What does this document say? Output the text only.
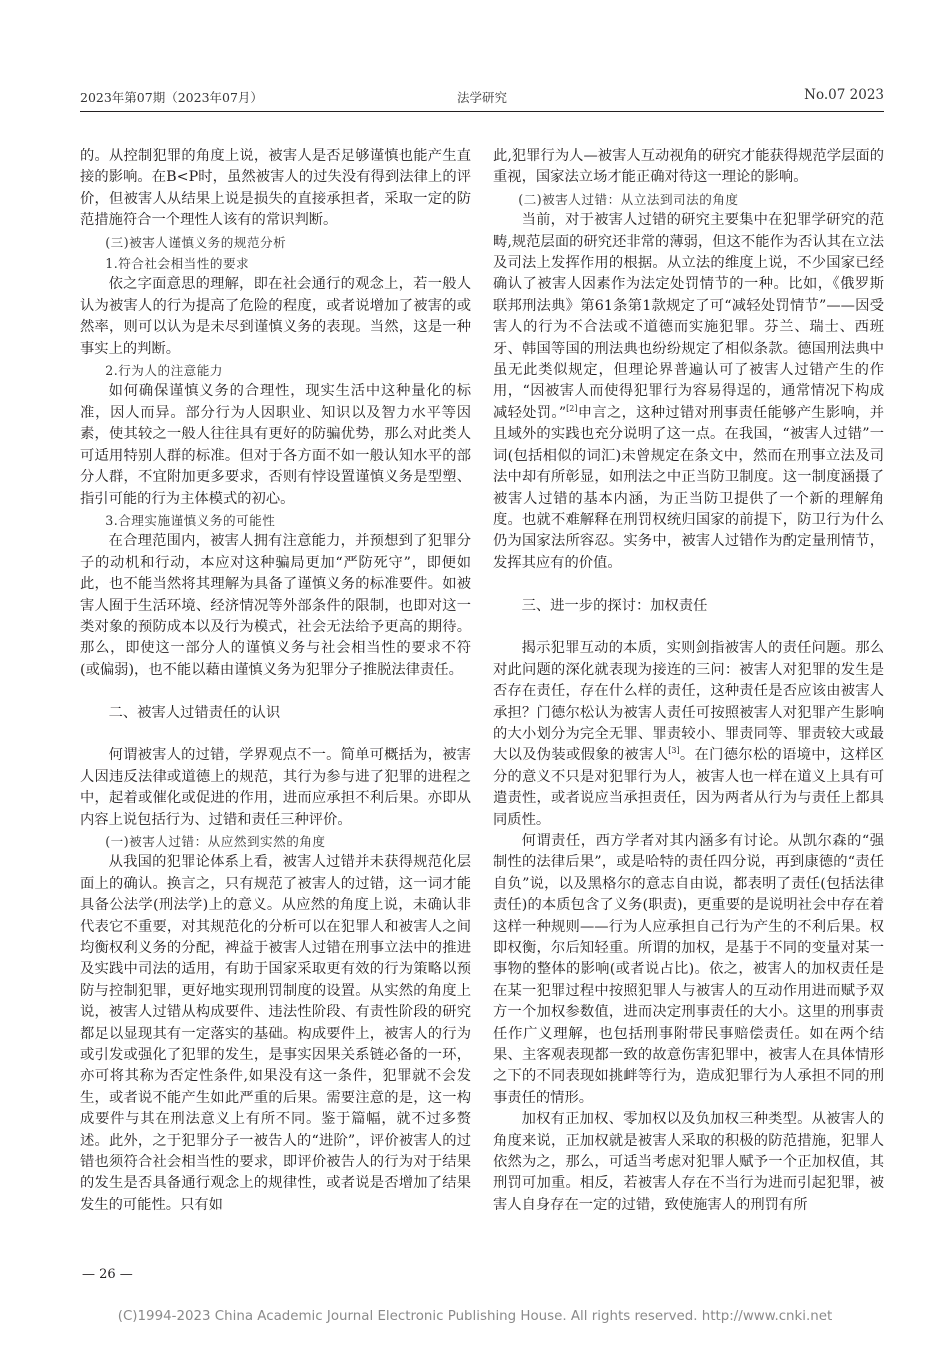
2023年第07期（2023年07月）	法学研究	No.07 2023

的。从控制犯罪的角度上说，被害人是否足够谨慎也能产生直接的影响。在B<P时，虽然被害人的过失没有得到法律上的评价，但被害人从结果上说是损失的直接承担者，采取一定的防范措施符合一个理性人该有的常识判断。

(三)被害人谨慎义务的规范分析

1.符合社会相当性的要求

依之字面意思的理解，即在社会通行的观念上，若一般人认为被害人的行为提高了危险的程度，或者说增加了被害的或然率，则可以认为是未尽到谨慎义务的表现。当然，这是一种事实上的判断。

2.行为人的注意能力

如何确保谨慎义务的合理性，现实生活中这种量化的标准，因人而异。部分行为人因职业、知识以及智力水平等因素，使其较之一般人往往具有更好的防骗优势，那么对此类人可适用特别人群的标准。但对于各方面不如一般认知水平的部分人群，不宜附加更多要求，否则有悖设置谨慎义务是型塑、指引可能的行为主体模式的初心。

3.合理实施谨慎义务的可能性

在合理范围内，被害人拥有注意能力，并预想到了犯罪分子的动机和行动，本应对这种骗局更加“严防死守”，即便如此，也不能当然将其理解为具备了谨慎义务的标准要件。如被害人囿于生活环境、经济情况等外部条件的限制，也即对这一类对象的预防成本以及行为模式，社会无法给予更高的期待。那么，即使这一部分人的谨慎义务与社会相当性的要求不符(或偏弱)，也不能以藉由谨慎义务为犯罪分子推脱法律责任。

二、被害人过错责任的认识

何谓被害人的过错，学界观点不一。简单可概括为，被害人因违反法律或道德上的规范，其行为参与进了犯罪的进程之中，起着或催化或促进的作用，进而应承担不利后果。亦即从内容上说包括行为、过错和责任三种评价。

(一)被害人过错：从应然到实然的角度

从我国的犯罪论体系上看，被害人过错并未获得规范化层面上的确认。换言之，只有规范了被害人的过错，这一词才能具备公法学(刑法学)上的意义。从应然的角度上说，未确认非代表它不重要，对其规范化的分析可以在犯罪人和被害人之间均衡权利义务的分配，裨益于被害人过错在刑事立法中的推进及实践中司法的适用，有助于国家采取更有效的行为策略以预防与控制犯罪，更好地实现刑罚制度的设置。从实然的角度上说，被害人过错从构成要件、违法性阶段、有责性阶段的研究都足以显现其有一定落实的基础。构成要件上，被害人的行为或引发或强化了犯罪的发生，是事实因果关系链必备的一环，亦可将其称为否定性条件,如果没有这一条件，犯罪就不会发生，或者说不能产生如此严重的后果。需要注意的是，这一构成要件与其在刑法意义上有所不同。鉴于篇幅，就不过多赘述。此外，之于犯罪分子一被告人的“进阶”，评价被害人的过错也须符合社会相当性的要求，即评价被告人的行为对于结果的发生是否具备通行观念上的规律性，或者说是否增加了结果发生的可能性。只有如

此,犯罪行为人—被害人互动视角的研究才能获得规范学层面的重视，国家法立场才能正确对待这一理论的影响。

(二)被害人过错：从立法到司法的角度

当前，对于被害人过错的研究主要集中在犯罪学研究的范畴,规范层面的研究还非常的薄弱，但这不能作为否认其在立法及司法上发挥作用的根据。从立法的维度上说，不少国家已经确认了被害人因素作为法定处罚情节的一种。比如，《俄罗斯联邦刑法典》第61条第1款规定了可“减轻处罚情节”——因受害人的行为不合法或不道德而实施犯罪。芬兰、瑞士、西班牙、韩国等国的刑法典也纷纷规定了相似条款。德国刑法典中虽无此类似规定，但理论界普遍认可了被害人过错产生的作用，“因被害人而使得犯罪行为容易得逞的，通常情况下构成减轻处罚。”[2]申言之，这种过错对刑事责任能够产生影响，并且域外的实践也充分说明了这一点。在我国，“被害人过错”一词(包括相似的词汇)未曾规定在条文中，然而在刑事立法及司法中却有所彰显，如刑法之中正当防卫制度。这一制度涵摄了被害人过错的基本内涵，为正当防卫提供了一个新的理解角度。也就不难解释在刑罚权统归国家的前提下，防卫行为什么仍为国家法所容忍。实务中，被害人过错作为酌定量刑情节，发挥其应有的价值。

三、进一步的探讨：加权责任

揭示犯罪互动的本质，实则剑指被害人的责任问题。那么对此问题的深化就表现为接连的三问：被害人对犯罪的发生是否存在责任，存在什么样的责任，这种责任是否应该由被害人承担？门德尔松认为被害人责任可按照被害人对犯罪产生影响的大小划分为完全无罪、罪责较小、罪责同等、罪责较大或最大以及伪装或假象的被害人[3]。在门德尔松的语境中，这样区分的意义不只是对犯罪行为人，被害人也一样在道义上具有可遣责性，或者说应当承担责任，因为两者从行为与责任上都具同质性。

何谓责任，西方学者对其内涵多有讨论。从凯尔森的“强制性的法律后果”，或是哈特的责任四分说，再到康德的“责任自负”说，以及黑格尔的意志自由说，都表明了责任(包括法律责任)的本质包含了义务(职责)，更重要的是说明社会中存在着这样一种规则——行为人应承担自己行为产生的不利后果。权即权衡，尔后知轻重。所谓的加权，是基于不同的变量对某一事物的整体的影响(或者说占比)。依之，被害人的加权责任是在某一犯罪过程中按照犯罪人与被害人的互动作用进而赋予双方一个加权参数值，进而决定刑事责任的大小。这里的刑事责任作广义理解，也包括刑事附带民事赔偿责任。如在两个结果、主客观表现都一致的故意伤害犯罪中，被害人在具体情形之下的不同表现如挑衅等行为，造成犯罪行为人承担不同的刑事责任的情形。

加权有正加权、零加权以及负加权三种类型。从被害人的角度来说，正加权就是被害人采取的积极的防范措施，犯罪人依然为之，那么，可适当考虑对犯罪人赋予一个正加权值，其刑罚可加重。相反，若被害人存在不当行为进而引起犯罪，被害人自身存在一定的过错，致使施害人的刑罚有所

— 26 —
(C)1994-2023 China Academic Journal Electronic Publishing House. All rights reserved. http://www.cnki.net
